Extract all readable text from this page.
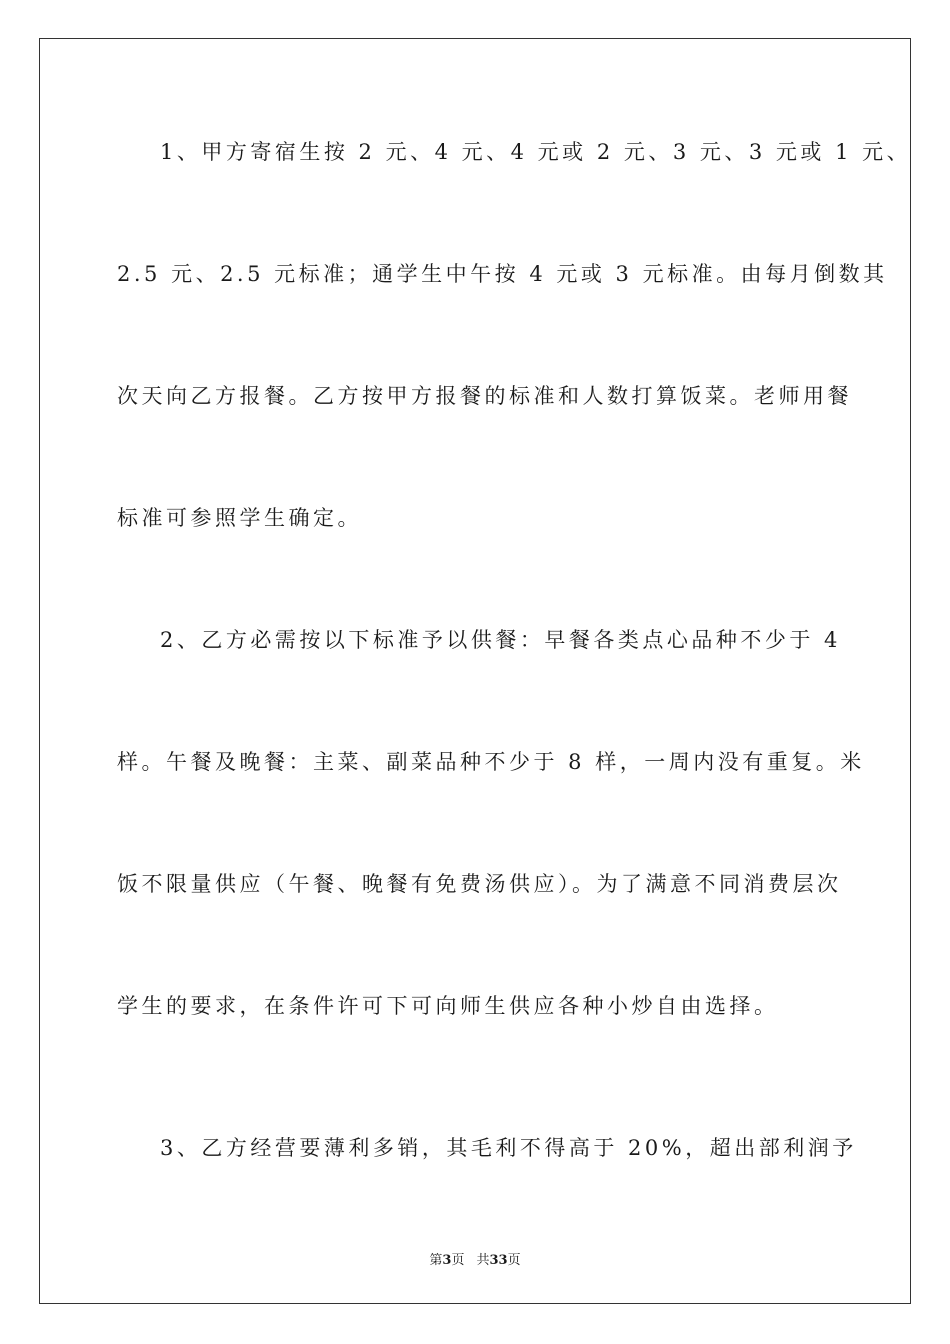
1、甲方寄宿生按 2 元、4 元、4 元或 2 元、3 元、3 元或 1 元、
2.5 元、2.5 元标准；通学生中午按 4 元或 3 元标准。由每月倒数其
次天向乙方报餐。乙方按甲方报餐的标准和人数打算饭菜。老师用餐
标准可参照学生确定。
2、乙方必需按以下标准予以供餐：早餐各类点心品种不少于 4
样。午餐及晚餐：主菜、副菜品种不少于 8 样，一周内没有重复。米
饭不限量供应（午餐、晚餐有免费汤供应）。为了满意不同消费层次
学生的要求，在条件许可下可向师生供应各种小炒自由选择。
3、乙方经营要薄利多销，其毛利不得高于 20%，超出部利润予
第3页 共33页
